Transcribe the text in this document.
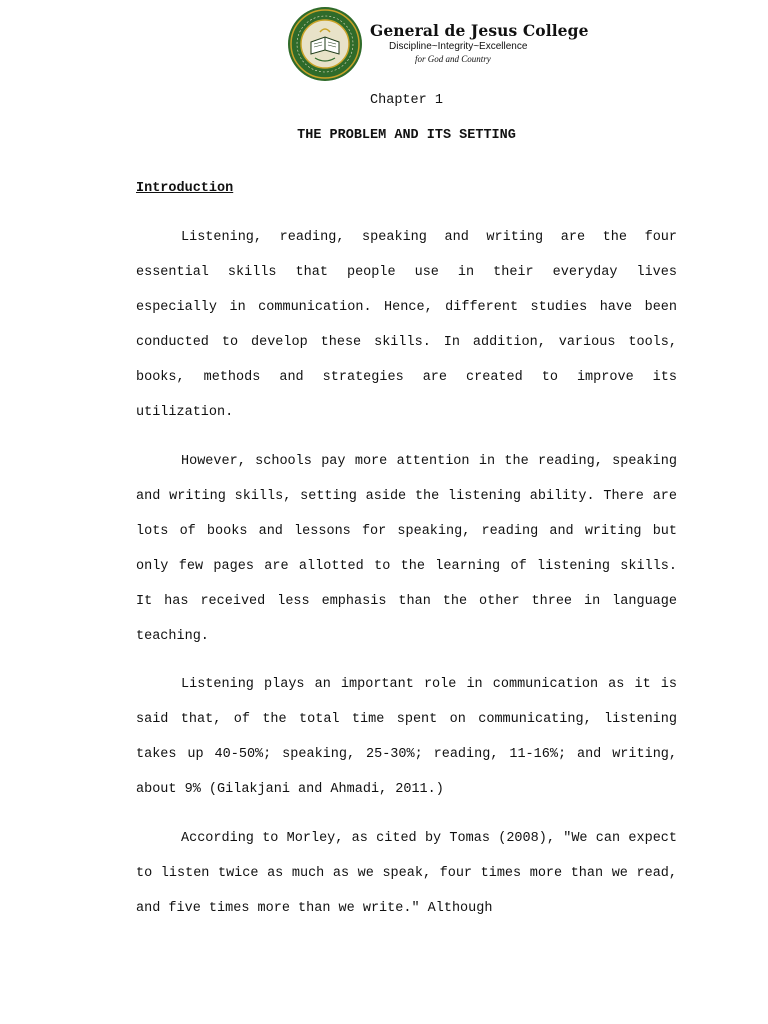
General de Jesus College
Discipline~Integrity~Excellence
for God and Country
Chapter 1
THE PROBLEM AND ITS SETTING
Introduction

Listening, reading, speaking and writing are the four essential skills that people use in their everyday lives especially in communication. Hence, different studies have been conducted to develop these skills. In addition, various tools, books, methods and strategies are created to improve its utilization.

However, schools pay more attention in the reading, speaking and writing skills, setting aside the listening ability. There are lots of books and lessons for speaking, reading and writing but only few pages are allotted to the learning of listening skills. It has received less emphasis than the other three in language teaching.

Listening plays an important role in communication as it is said that, of the total time spent on communicating, listening takes up 40-50%; speaking, 25-30%; reading, 11-16%; and writing, about 9% (Gilakjani and Ahmadi, 2011.)

According to Morley, as cited by Tomas (2008), "We can expect to listen twice as much as we speak, four times more than we read, and five times more than we write." Although
